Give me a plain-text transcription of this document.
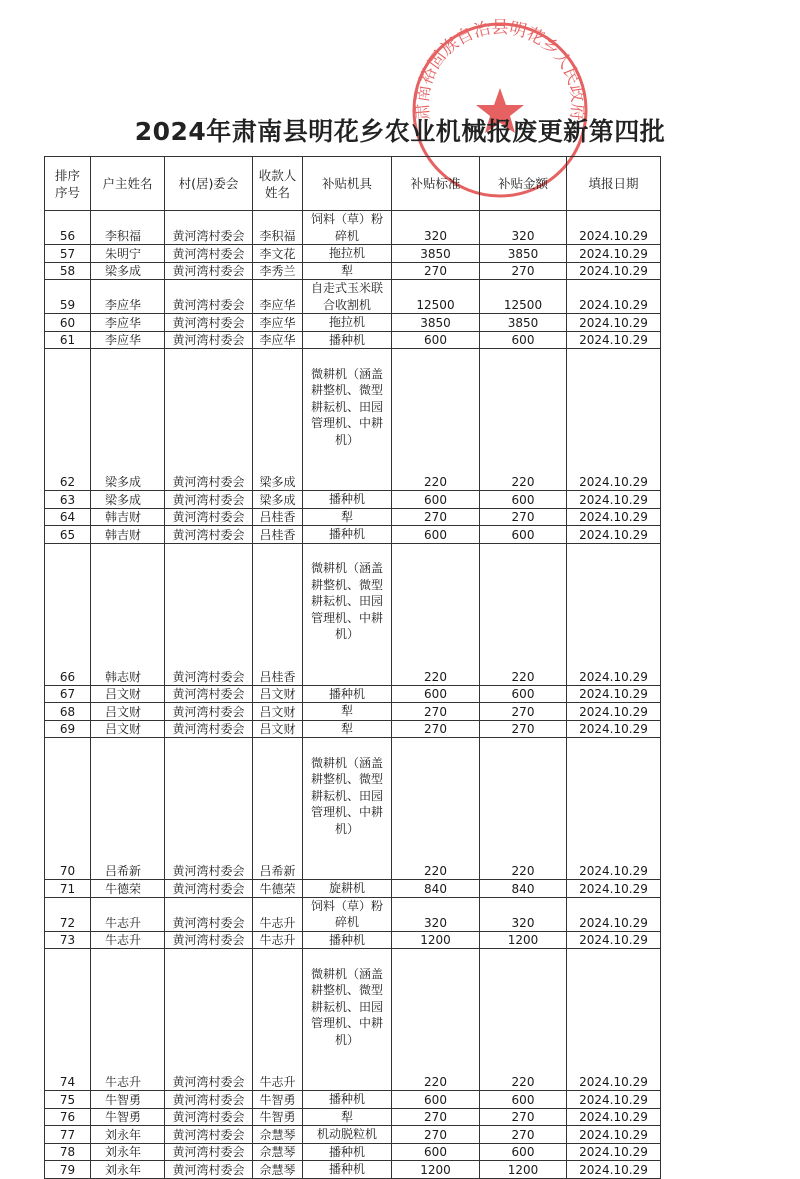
肃南裕固族自治县明花乡人民政府
2024年肃南县明花乡农业机械报废更新第四批
排序
序号	户主姓名	村(居)委会	收款人
姓名	补贴机具	补贴标准	补贴金额	填报日期
56	李积福	黄河湾村委会	李积福	饲料（草）粉
碎机	320	320	2024.10.29
57	朱明宁	黄河湾村委会	李文花	拖拉机	3850	3850	2024.10.29
58	梁多成	黄河湾村委会	李秀兰	犁	270	270	2024.10.29
59	李应华	黄河湾村委会	李应华	自走式玉米联
合收割机	12500	12500	2024.10.29
60	李应华	黄河湾村委会	李应华	拖拉机	3850	3850	2024.10.29
61	李应华	黄河湾村委会	李应华	播种机	600	600	2024.10.29
62	梁多成	黄河湾村委会	梁多成	微耕机（涵盖
耕整机、微型
耕耘机、田园
管理机、中耕
机）	220	220	2024.10.29
63	梁多成	黄河湾村委会	梁多成	播种机	600	600	2024.10.29
64	韩吉财	黄河湾村委会	吕桂香	犁	270	270	2024.10.29
65	韩吉财	黄河湾村委会	吕桂香	播种机	600	600	2024.10.29
66	韩志财	黄河湾村委会	吕桂香	微耕机（涵盖
耕整机、微型
耕耘机、田园
管理机、中耕
机）	220	220	2024.10.29
67	吕文财	黄河湾村委会	吕文财	播种机	600	600	2024.10.29
68	吕文财	黄河湾村委会	吕文财	犁	270	270	2024.10.29
69	吕文财	黄河湾村委会	吕文财	犁	270	270	2024.10.29
70	吕希新	黄河湾村委会	吕希新	微耕机（涵盖
耕整机、微型
耕耘机、田园
管理机、中耕
机）	220	220	2024.10.29
71	牛德荣	黄河湾村委会	牛德荣	旋耕机	840	840	2024.10.29
72	牛志升	黄河湾村委会	牛志升	饲料（草）粉
碎机	320	320	2024.10.29
73	牛志升	黄河湾村委会	牛志升	播种机	1200	1200	2024.10.29
74	牛志升	黄河湾村委会	牛志升	微耕机（涵盖
耕整机、微型
耕耘机、田园
管理机、中耕
机）	220	220	2024.10.29
75	牛智勇	黄河湾村委会	牛智勇	播种机	600	600	2024.10.29
76	牛智勇	黄河湾村委会	牛智勇	犁	270	270	2024.10.29
77	刘永年	黄河湾村委会	佘慧琴	机动脱粒机	270	270	2024.10.29
78	刘永年	黄河湾村委会	佘慧琴	播种机	600	600	2024.10.29
79	刘永年	黄河湾村委会	佘慧琴	播种机	1200	1200	2024.10.29
